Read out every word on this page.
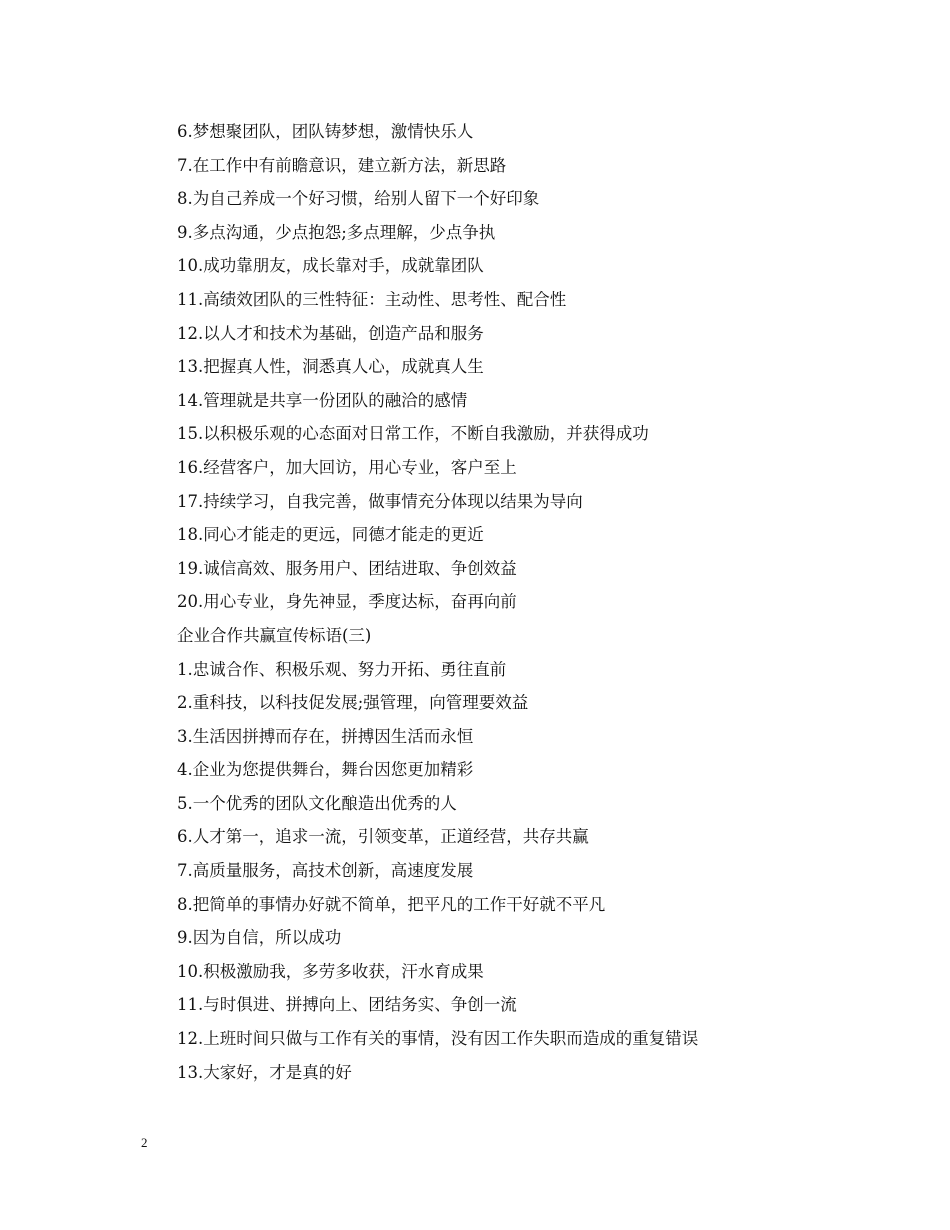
6.梦想聚团队，团队铸梦想，激情快乐人
7.在工作中有前瞻意识，建立新方法，新思路
8.为自己养成一个好习惯，给别人留下一个好印象
9.多点沟通，少点抱怨;多点理解，少点争执
10.成功靠朋友，成长靠对手，成就靠团队
11.高绩效团队的三性特征：主动性、思考性、配合性
12.以人才和技术为基础，创造产品和服务
13.把握真人性，洞悉真人心，成就真人生
14.管理就是共享一份团队的融洽的感情
15.以积极乐观的心态面对日常工作，不断自我激励，并获得成功
16.经营客户，加大回访，用心专业，客户至上
17.持续学习，自我完善，做事情充分体现以结果为导向
18.同心才能走的更远，同德才能走的更近
19.诚信高效、服务用户、团结进取、争创效益
20.用心专业，身先神显，季度达标，奋再向前
企业合作共赢宣传标语(三)
1.忠诚合作、积极乐观、努力开拓、勇往直前
2.重科技，以科技促发展;强管理，向管理要效益
3.生活因拼搏而存在，拼搏因生活而永恒
4.企业为您提供舞台，舞台因您更加精彩
5.一个优秀的团队文化酿造出优秀的人
6.人才第一，追求一流，引领变革，正道经营，共存共赢
7.高质量服务，高技术创新，高速度发展
8.把简单的事情办好就不简单，把平凡的工作干好就不平凡
9.因为自信，所以成功
10.积极激励我，多劳多收获，汗水育成果
11.与时俱进、拼搏向上、团结务实、争创一流
12.上班时间只做与工作有关的事情，没有因工作失职而造成的重复错误
13.大家好，才是真的好
2
